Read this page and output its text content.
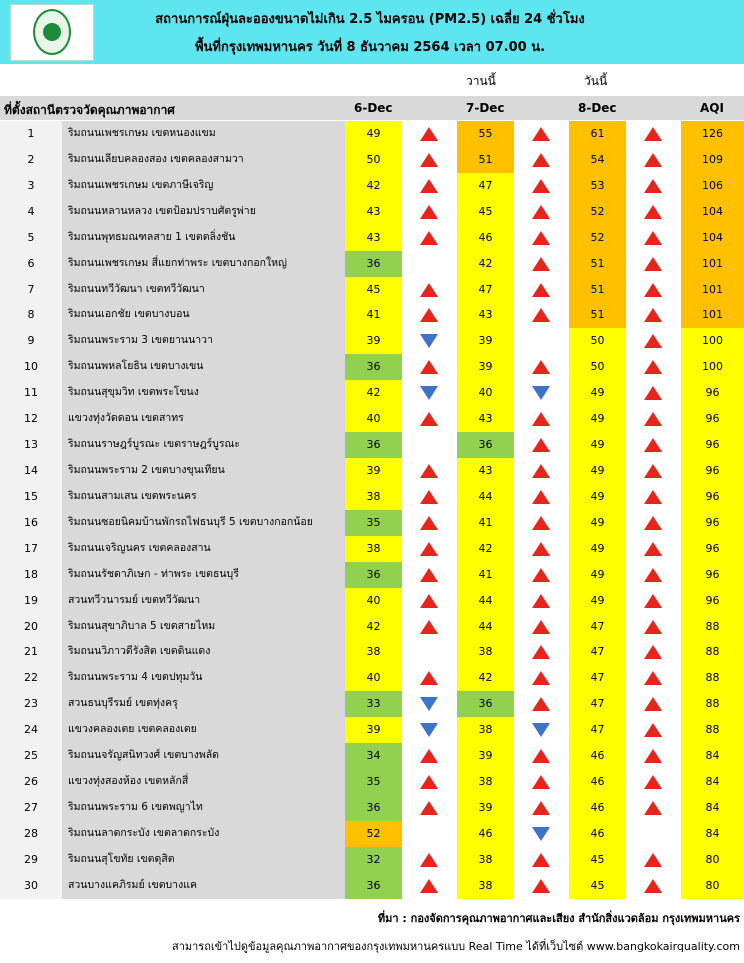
สถานการณ์ฝุ่นละอองขนาดไม่เกิน 2.5 ไมครอน (PM2.5) เฉลี่ย 24 ชั่วโมง
พื้นที่กรุงเทพมหานคร วันที่ 8 ธันวาคม 2564 เวลา 07.00 น.
วานนี้	วันนี้
ที่ตั้งสถานีตรวจวัดคุณภาพอากาศ	6-Dec	7-Dec	8-Dec	AQI
1	ริมถนนเพชรเกษม เขตหนองแขม	49	55	61	126
2	ริมถนนเลียบคลองสอง เขตคลองสามวา	50	51	54	109
3	ริมถนนเพชรเกษม เขตภาษีเจริญ	42	47	53	106
4	ริมถนนหลานหลวง เขตป้อมปราบศัตรูพ่าย	43	45	52	104
5	ริมถนนพุทธมณฑลสาย 1 เขตตลิ่งชัน	43	46	52	104
6	ริมถนนเพชรเกษม สี่แยกท่าพระ เขตบางกอกใหญ่	36	42	51	101
7	ริมถนนทวีวัฒนา เขตทวีวัฒนา	45	47	51	101
8	ริมถนนเอกชัย เขตบางบอน	41	43	51	101
9	ริมถนนพระราม 3 เขตยานนาวา	39	39	50	100
10	ริมถนนพหลโยธิน เขตบางเขน	36	39	50	100
11	ริมถนนสุขุมวิท เขตพระโขนง	42	40	49	96
12	แขวงทุ่งวัดดอน เขตสาทร	40	43	49	96
13	ริมถนนราษฎร์บูรณะ เขตราษฎร์บูรณะ	36	36	49	96
14	ริมถนนพระราม 2 เขตบางขุนเทียน	39	43	49	96
15	ริมถนนสามเสน เขตพระนคร	38	44	49	96
16	ริมถนนซอยนิคมบ้านพักรถไฟธนบุรี 5 เขตบางกอกน้อย	35	41	49	96
17	ริมถนนเจริญนคร เขตคลองสาน	38	42	49	96
18	ริมถนนรัชดาภิเษก - ท่าพระ เขตธนบุรี	36	41	49	96
19	สวนทวีวนารมย์ เขตทวีวัฒนา	40	44	49	96
20	ริมถนนสุขาภิบาล 5 เขตสายไหม	42	44	47	88
21	ริมถนนวิภาวดีรังสิต เขตดินแดง	38	38	47	88
22	ริมถนนพระราม 4 เขตปทุมวัน	40	42	47	88
23	สวนธนบุรีรมย์ เขตทุ่งครุ	33	36	47	88
24	แขวงคลองเตย เขตคลองเตย	39	38	47	88
25	ริมถนนจรัญสนิทวงศ์ เขตบางพลัด	34	39	46	84
26	แขวงทุ่งสองห้อง เขตหลักสี่	35	38	46	84
27	ริมถนนพระราม 6 เขตพญาไท	36	39	46	84
28	ริมถนนลาดกระบัง เขตลาดกระบัง	52	46	46	84
29	ริมถนนสุโขทัย เขตดุสิต	32	38	45	80
30	สวนบางแคภิรมย์ เขตบางแค	36	38	45	80
ที่มา : กองจัดการคุณภาพอากาศและเสียง สำนักสิ่งแวดล้อม กรุงเทพมหานคร
สามารถเข้าไปดูข้อมูลคุณภาพอากาศของกรุงเทพมหานครแบบ Real Time ได้ที่เว็บไซต์ www.bangkokairquality.com
